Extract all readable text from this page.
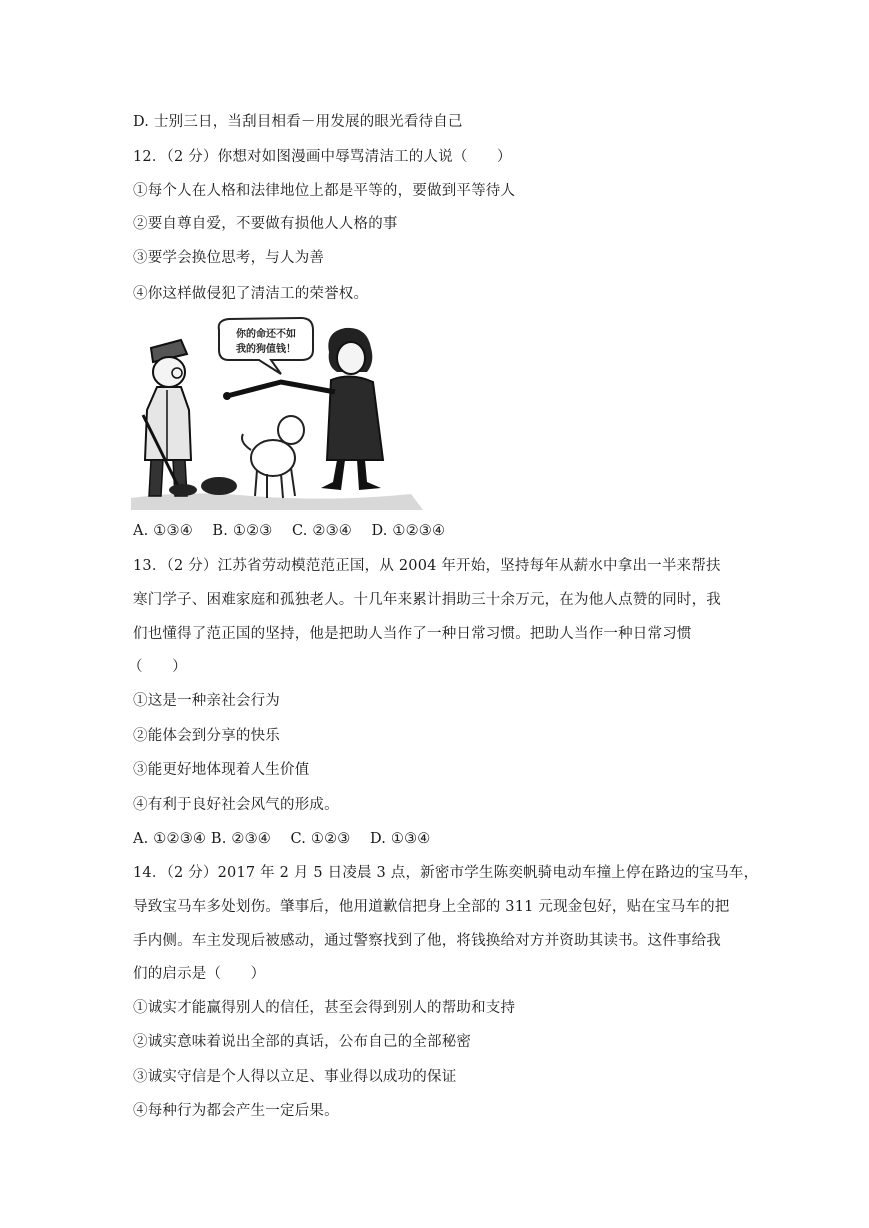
D. 士别三日，当刮目相看－用发展的眼光看待自己
12．（2 分）你想对如图漫画中辱骂清洁工的人说（　　）
①每个人在人格和法律地位上都是平等的，要做到平等待人
②要自尊自爱，不要做有损他人人格的事
③要学会换位思考，与人为善
④你这样做侵犯了清洁工的荣誉权。
你的命还不如
我的狗值钱！
A. ①③④　 B. ①②③　 C. ②③④　 D. ①②③④
13．（2 分）江苏省劳动模范范正国，从 2004 年开始，坚持每年从薪水中拿出一半来帮扶
寒门学子、困难家庭和孤独老人。十几年来累计捐助三十余万元，在为他人点赞的同时，我
们也懂得了范正国的坚持，他是把助人当作了一种日常习惯。把助人当作一种日常习惯
（　　）
①这是一种亲社会行为
②能体会到分享的快乐
③能更好地体现着人生价值
④有利于良好社会风气的形成。
A. ①②③④ B. ②③④　 C. ①②③　 D. ①③④
14．（2 分）2017 年 2 月 5 日凌晨 3 点，新密市学生陈奕帆骑电动车撞上停在路边的宝马车，
导致宝马车多处划伤。肇事后，他用道歉信把身上全部的 311 元现金包好，贴在宝马车的把
手内侧。车主发现后被感动，通过警察找到了他，将钱换给对方并资助其读书。这件事给我
们的启示是（　　）
①诚实才能赢得别人的信任，甚至会得到别人的帮助和支持
②诚实意味着说出全部的真话，公布自己的全部秘密
③诚实守信是个人得以立足、事业得以成功的保证
④每种行为都会产生一定后果。
